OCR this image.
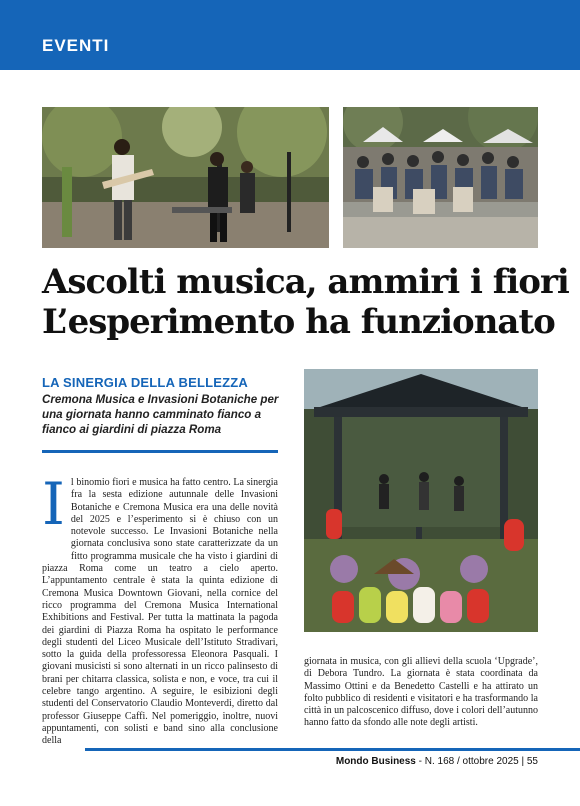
EVENTI
Ascolti musica, ammiri i fiori
L’esperimento ha funzionato
LA SINERGIA DELLA BELLEZZA
Cremona Musica e Invasioni Botaniche per una giornata hanno camminato fianco a fianco ai giardini di piazza Roma
I l binomio fiori e musica ha fatto centro. La sinergia fra la sesta edizione autunnale delle Invasioni Botaniche e Cremona Musica era una delle novità del 2025 e l’esperimento si è chiuso con un notevole successo. Le Invasioni Botaniche nella giornata conclusiva sono state caratterizzate da un fitto programma musicale che ha visto i giardini di piazza Roma come un teatro a cielo aperto. L’appuntamento centrale è stata la quinta edizione di Cremona Musica Downtown Giovani, nella cornice del ricco programma del Cremona Musica International Exhibitions and Festival. Per tutta la mattinata la pagoda dei giardini di Piazza Roma ha ospitato le performance degli studenti del Liceo Musicale dell’Istituto Stradivari, sotto la guida della professoressa Eleonora Pasquali. I giovani musicisti si sono alternati in un ricco palinsesto di brani per chitarra classica, solista e non, e voce, tra cui il celebre tango argentino. A seguire, le esibizioni degli studenti del Conservatorio Claudio Monteverdi, diretto dal professor Giuseppe Caffi. Nel pomeriggio, inoltre, nuovi appuntamenti, con solisti e band sino alla conclusione della
giornata in musica, con gli allievi della scuola ‘Upgrade’, di Debora Tundro. La giornata è stata coordinata da Massimo Ottini e da Benedetto Castelli e ha attirato un folto pubblico di residenti e visitatori e ha trasformando la città in un palcoscenico diffuso, dove i colori dell’autunno hanno fatto da sfondo alle note degli artisti.
Mondo Business - N. 168 / ottobre 2025 | 55
